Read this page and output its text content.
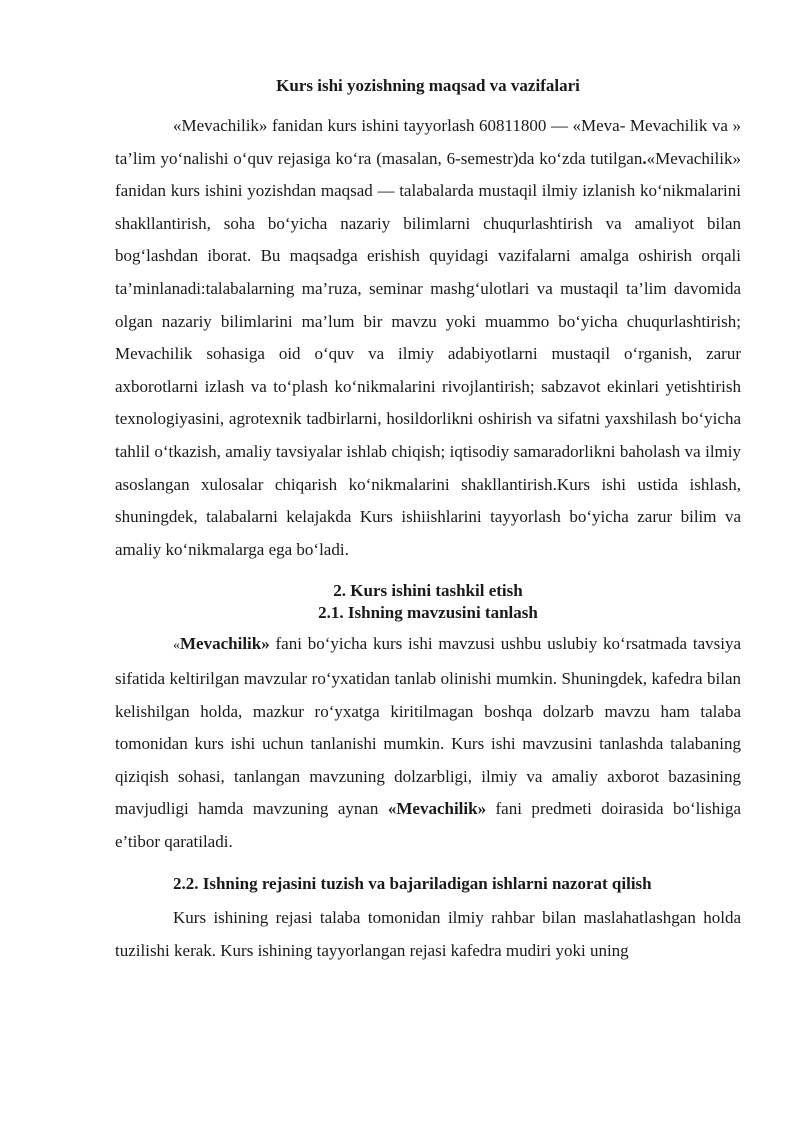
Kurs ishi yozishning maqsad va vazifalari

«Mevachilik» fanidan kurs ishini tayyorlash 60811800 — «Meva- Mevachilik va » ta’lim yo‘nalishi o‘quv rejasiga ko‘ra (masalan, 6-semestr)da ko‘zda tutilgan.«Mevachilik» fanidan kurs ishini yozishdan maqsad — talabalarda mustaqil ilmiy izlanish ko‘nikmalarini shakllantirish, soha bo‘yicha nazariy bilimlarni chuqurlashtirish va amaliyot bilan bog‘lashdan iborat. Bu maqsadga erishish quyidagi vazifalarni amalga oshirish orqali ta’minlanadi:talabalarning ma’ruza, seminar mashg‘ulotlari va mustaqil ta’lim davomida olgan nazariy bilimlarini ma’lum bir mavzu yoki muammo bo‘yicha chuqurlashtirish; Mevachilik sohasiga oid o‘quv va ilmiy adabiyotlarni mustaqil o‘rganish, zarur axborotlarni izlash va to‘plash ko‘nikmalarini rivojlantirish; sabzavot ekinlari yetishtirish texnologiyasini, agrotexnik tadbirlarni, hosildorlikni oshirish va sifatni yaxshilash bo‘yicha tahlil o‘tkazish, amaliy tavsiyalar ishlab chiqish; iqtisodiy samaradorlikni baholash va ilmiy asoslangan xulosalar chiqarish ko‘nikmalarini shakllantirish.Kurs ishi ustida ishlash, shuningdek, talabalarni kelajakda Kurs ishiishlarini tayyorlash bo‘yicha zarur bilim va amaliy ko‘nikmalarga ega bo‘ladi.

2. Kurs ishini tashkil etish
2.1. Ishning mavzusini tanlash

«Mevachilik» fani bo‘yicha kurs ishi mavzusi ushbu uslubiy ko‘rsatmada tavsiya sifatida keltirilgan mavzular ro‘yxatidan tanlab olinishi mumkin. Shuningdek, kafedra bilan kelishilgan holda, mazkur ro‘yxatga kiritilmagan boshqa dolzarb mavzu ham talaba tomonidan kurs ishi uchun tanlanishi mumkin. Kurs ishi mavzusini tanlashda talabaning qiziqish sohasi, tanlangan mavzuning dolzarbligi, ilmiy va amaliy axborot bazasining mavjudligi hamda mavzuning aynan «Mevachilik» fani predmeti doirasida bo‘lishiga e’tibor qaratiladi.

2.2. Ishning rejasini tuzish va bajariladigan ishlarni nazorat qilish

Kurs ishining rejasi talaba tomonidan ilmiy rahbar bilan maslahatlashgan holda tuzilishi kerak. Kurs ishining tayyorlangan rejasi kafedra mudiri yoki uning
